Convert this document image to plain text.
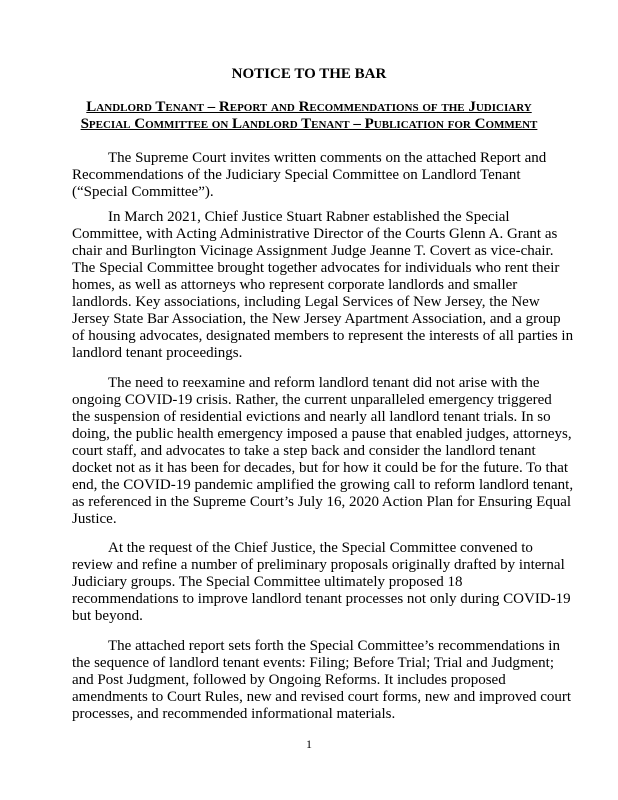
NOTICE TO THE BAR
Landlord Tenant – Report and Recommendations of the Judiciary
Special Committee on Landlord Tenant – Publication for Comment
The Supreme Court invites written comments on the attached Report and
Recommendations of the Judiciary Special Committee on Landlord Tenant
(“Special Committee”).
In March 2021, Chief Justice Stuart Rabner established the Special
Committee, with Acting Administrative Director of the Courts Glenn A. Grant as
chair and Burlington Vicinage Assignment Judge Jeanne T. Covert as vice-chair.
The Special Committee brought together advocates for individuals who rent their
homes, as well as attorneys who represent corporate landlords and smaller
landlords. Key associations, including Legal Services of New Jersey, the New
Jersey State Bar Association, the New Jersey Apartment Association, and a group
of housing advocates, designated members to represent the interests of all parties in
landlord tenant proceedings.
The need to reexamine and reform landlord tenant did not arise with the
ongoing COVID-19 crisis. Rather, the current unparalleled emergency triggered
the suspension of residential evictions and nearly all landlord tenant trials. In so
doing, the public health emergency imposed a pause that enabled judges, attorneys,
court staff, and advocates to take a step back and consider the landlord tenant
docket not as it has been for decades, but for how it could be for the future. To that
end, the COVID-19 pandemic amplified the growing call to reform landlord tenant,
as referenced in the Supreme Court’s July 16, 2020 Action Plan for Ensuring Equal
Justice.
At the request of the Chief Justice, the Special Committee convened to
review and refine a number of preliminary proposals originally drafted by internal
Judiciary groups. The Special Committee ultimately proposed 18
recommendations to improve landlord tenant processes not only during COVID-19
but beyond.
The attached report sets forth the Special Committee’s recommendations in
the sequence of landlord tenant events: Filing; Before Trial; Trial and Judgment;
and Post Judgment, followed by Ongoing Reforms. It includes proposed
amendments to Court Rules, new and revised court forms, new and improved court
processes, and recommended informational materials.
1
